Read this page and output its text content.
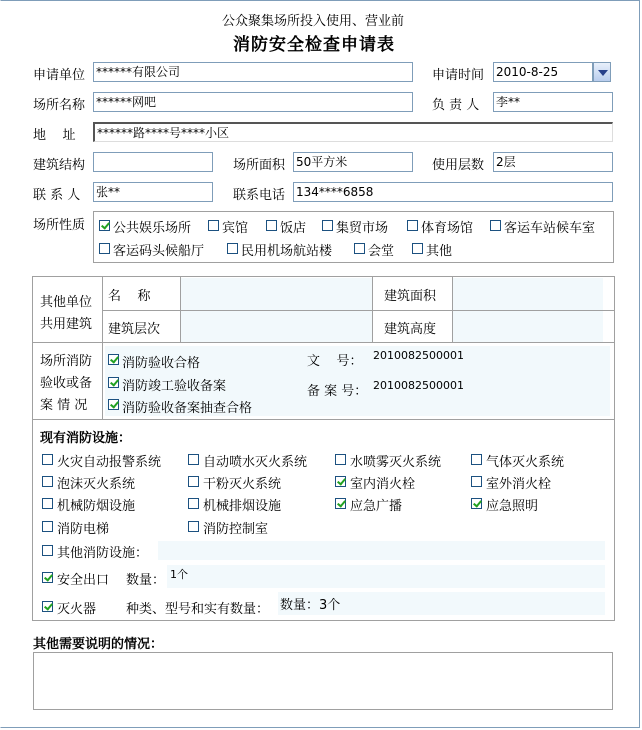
公众聚集场所投入使用、营业前
消防安全检查申请表
申请单位 ******有限公司	申请时间 2010-8-25
场所名称 ******网吧	负 责 人 李**
地    址	******路****号****小区
建筑结构	场所面积 50平方米	使用层数 2层
联 系 人 张**	联系电话 134****6858
场所性质 公共娱乐场所 宾馆 饭店 集贸市场	体育场馆 客运车站候车室
客运码头候船厅	民用机场航站楼	会堂 其他
其他单位
共用建筑
名    称	建筑面积
建筑层次	建筑高度
场所消防
验收或备
案 情 况
消防验收合格
消防竣工验收备案
消防验收备案抽查合格
文    号： 2010082500001
备 案 号： 2010082500001
现有消防设施：
火灾自动报警系统	自动喷水灭火系统	水喷雾灭火系统	气体灭火系统
泡沫灭火系统	干粉灭火系统	室内消火栓	室外消火栓
机械防烟设施	机械排烟设施	应急广播	应急照明
消防电梯	消防控制室
其他消防设施：
安全出口 数量： 1个
灭火器 种类、型号和实有数量： 数量：3个
其他需要说明的情况：
